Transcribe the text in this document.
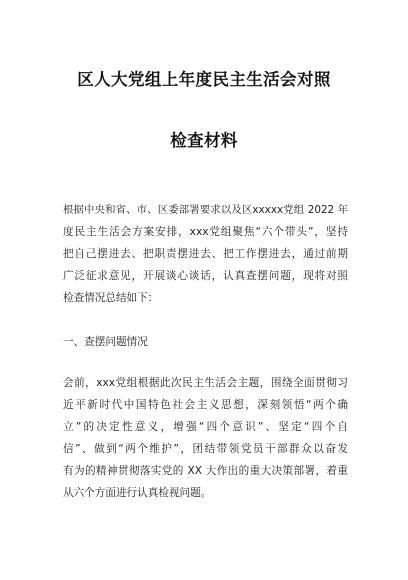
区人大党组上年度民主生活会对照
检查材料
根据中央和省、市、区委部署要求以及区xxxxx党组 2022 年
度民主生活会方案安排，xxx党组聚焦“六个带头”，坚持
把自己摆进去、把职责摆进去、把工作摆进去，通过前期
广泛征求意见，开展谈心谈话，认真查摆问题，现将对照
检查情况总结如下：
一、查摆问题情况
会前，xxx党组根据此次民主生活会主题，围绕全面贯彻习
近平新时代中国特色社会主义思想，深刻领悟“两个确
立”的决定性意义，增强“四个意识”、坚定“四个自
信”、做到“两个维护”，团结带领党员干部群众以奋发
有为的精神贯彻落实党的 XX 大作出的重大决策部署，着重
从六个方面进行认真检视问题。
